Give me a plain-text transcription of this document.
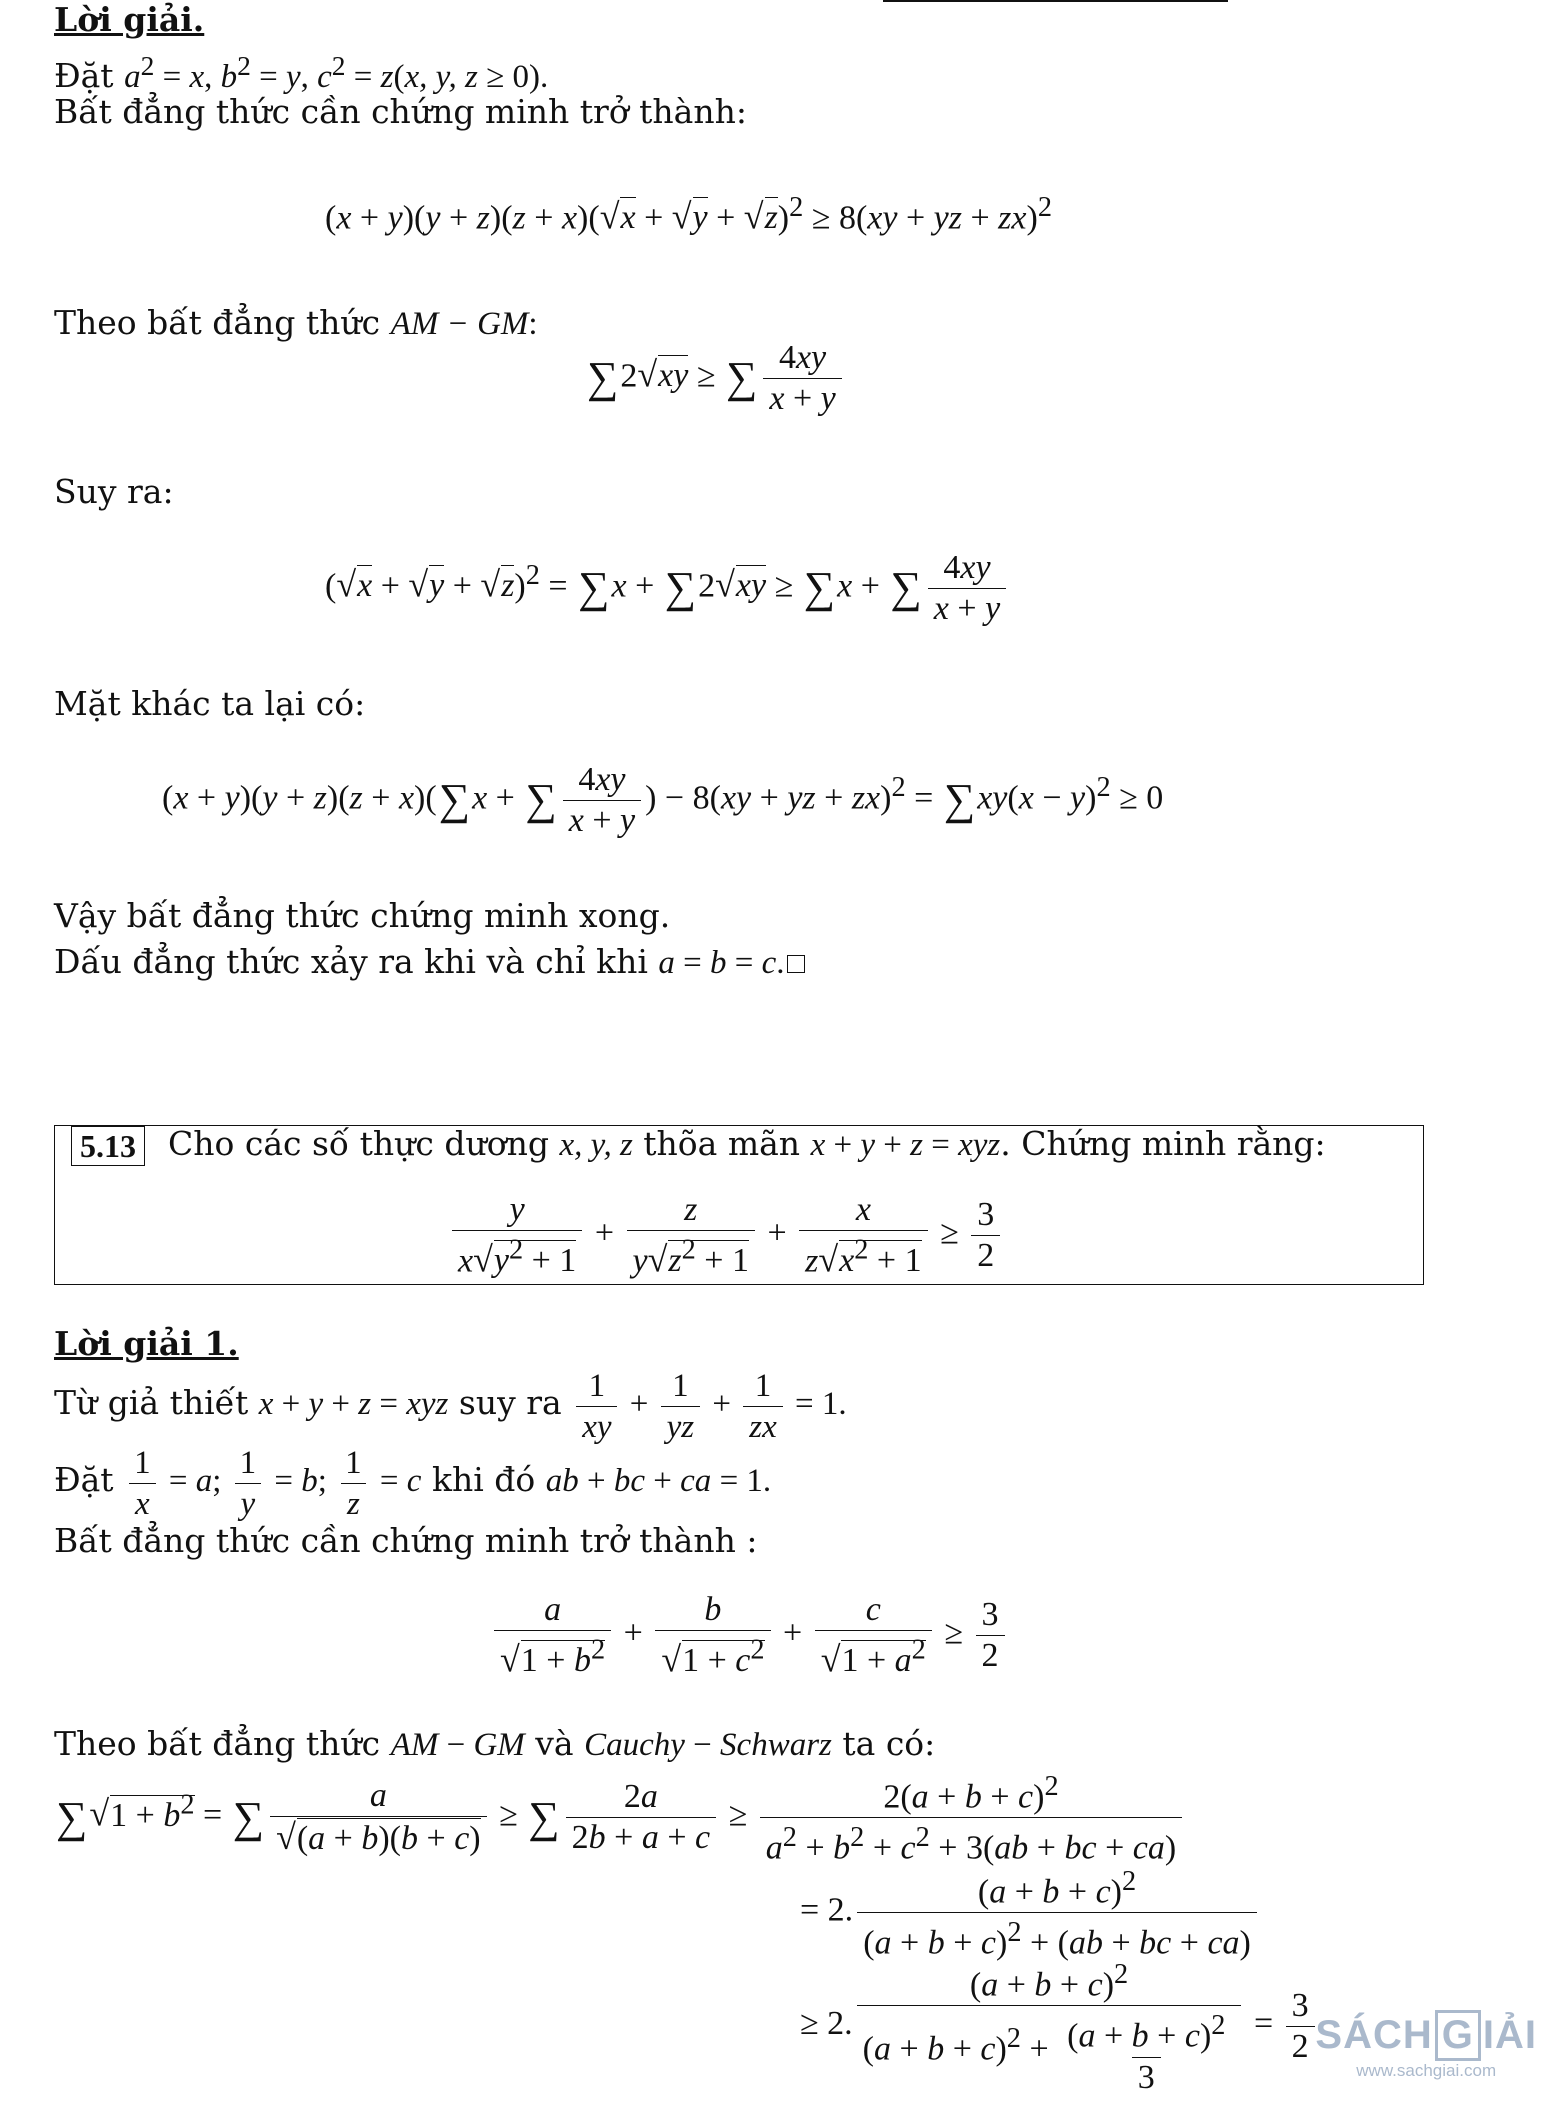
Lời giải.
Đặt $a^2 = x$, $b^2 = y$, $c^2 = z(x$, y, z ≥ 0).
Bất đẳng thức cần chứng minh trở thành:
$(x + y)(y + z)(z + x)(√x + √y + √z)^2 \ge 8(xy$ + yz + zx)$^2$
Theo bất đẳng thức AM − GM:
∑2√xy ≥ ∑ $\frac{4xy}{x + y}$
Suy ra:
$(√x + √y + √z)^2 = \sum x + \sum 2√xy \ge \sum x$ + ∑ $\frac{4xy}{x + y}$
Mặt khác ta lại có:
(x + y)(y + z)(z + x)(∑x + ∑ $\frac{4xy}{x + y}$ ) − 8(xy + yz + $zx)^2 = \sum xy(x - y)^2 \ge 0$
Vậy bất đẳng thức chứng minh xong.
Dấu đẳng thức xảy ra khi và chỉ khi a = b = c.
5.13 Cho các số thực dương x, y, z thõa mãn x + y + z = xyz. Chứng minh rằng:
$\frac{y}{x√y^2 + 1} + \frac{z}{y√z^2 + 1} + \frac{x}{z√x^2 + 1} \ge \frac{3}{2}$
Lời giải 1.
Từ giả thiết x + y + z = xyz suy ra $\frac{1}{xy} + \frac{1}{yz} + \frac{1}{zx} = 1$.
Đặt $\frac{1}{x} = a$; $\frac{1}{y} = b$; $\frac{1}{z} = c$ khi đó ab + bc + ca = 1.
Bất đẳng thức cần chứng minh trở thành :
$\frac{a}{√1 + b^2} + \frac{b}{√1 + c^2} + \frac{c}{√1 + a^2} \ge \frac{3}{2}$
Theo bất đẳng thức AM − GM và Cauchy − Schwarz ta có:
$\sum√1 + b^2$ = ∑ $\frac{a}{√(a + b)(b + c)}$ ≥ ∑ $\frac{2a}{2b + a + c} \ge \frac{2(a + b + c)^2}{a^2 + b^2 + c^2 + 3(ab + bc + ca)}$
= 2. $\frac{(a + b + c)^2}{(a + b + c)^2 + (ab + bc + ca)}$
≥ 2. $\frac{(a + b + c)^2}{(a + b + c)^2 + \frac{(a + b + c)^2}{3}} = \frac{3}{2}$ SÁCH G IẢI
www.sachgiai.com
